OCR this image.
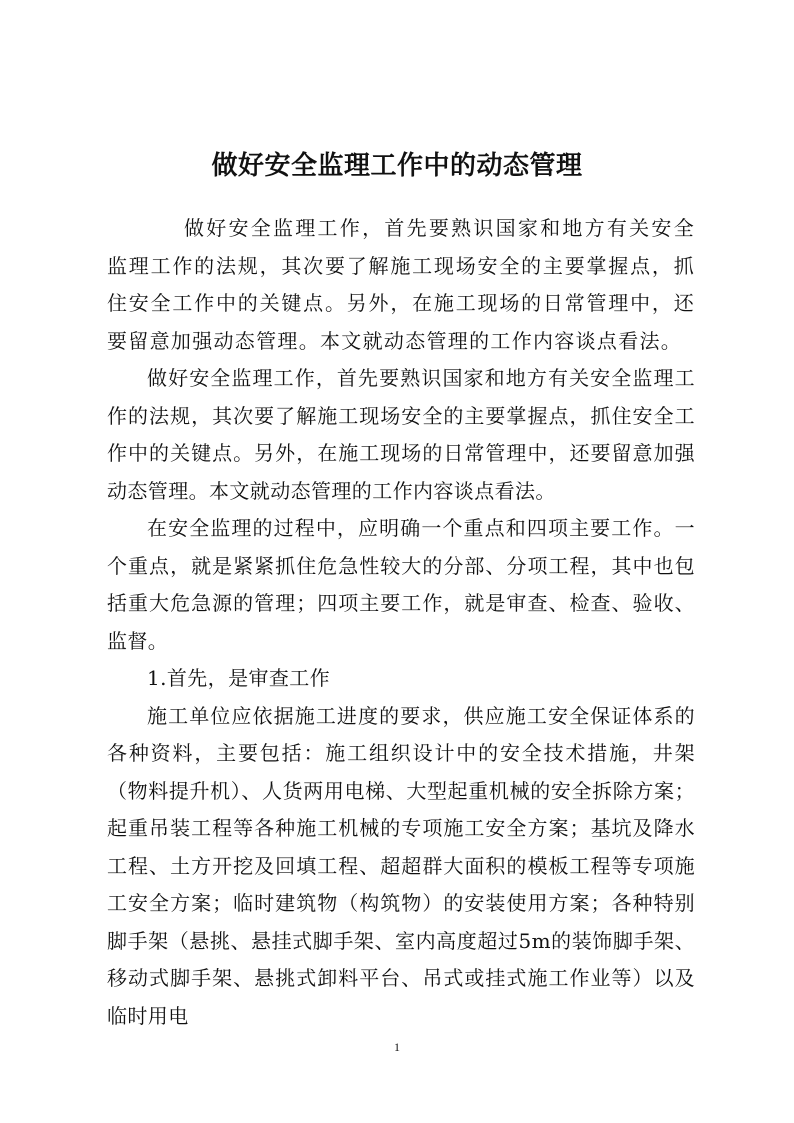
做好安全监理工作中的动态管理

做好安全监理工作，首先要熟识国家和地方有关安全监理工作的法规，其次要了解施工现场安全的主要掌握点，抓住安全工作中的关键点。另外，在施工现场的日常管理中，还要留意加强动态管理。本文就动态管理的工作内容谈点看法。

做好安全监理工作，首先要熟识国家和地方有关安全监理工作的法规，其次要了解施工现场安全的主要掌握点，抓住安全工作中的关键点。另外，在施工现场的日常管理中，还要留意加强动态管理。本文就动态管理的工作内容谈点看法。

在安全监理的过程中，应明确一个重点和四项主要工作。一个重点，就是紧紧抓住危急性较大的分部、分项工程，其中也包括重大危急源的管理；四项主要工作，就是审查、检查、验收、监督。

1.首先，是审查工作

施工单位应依据施工进度的要求，供应施工安全保证体系的各种资料，主要包括：施工组织设计中的安全技术措施，井架（物料提升机）、人货两用电梯、大型起重机械的安全拆除方案；起重吊装工程等各种施工机械的专项施工安全方案；基坑及降水工程、土方开挖及回填工程、超超群大面积的模板工程等专项施工安全方案；临时建筑物（构筑物）的安装使用方案；各种特别脚手架（悬挑、悬挂式脚手架、室内高度超过5m的装饰脚手架、移动式脚手架、悬挑式卸料平台、吊式或挂式施工作业等）以及临时用电

1
